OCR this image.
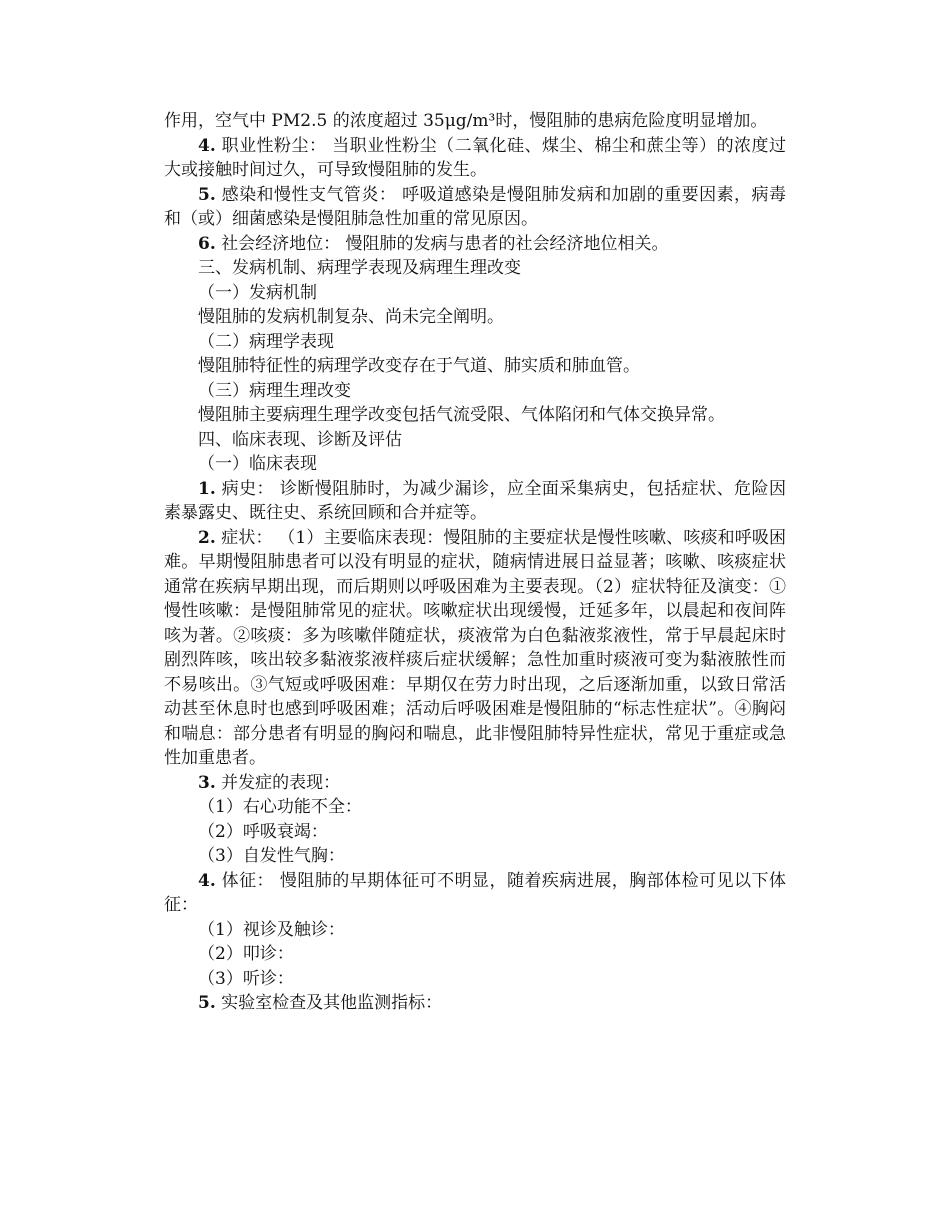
作用，空气中 PM2.5 的浓度超过 35μg/m³时，慢阻肺的患病危险度明显增加。

4. 职业性粉尘： 当职业性粉尘（二氧化硅、煤尘、棉尘和蔗尘等）的浓度过大或接触时间过久，可导致慢阻肺的发生。

5. 感染和慢性支气管炎： 呼吸道感染是慢阻肺发病和加剧的重要因素，病毒和（或）细菌感染是慢阻肺急性加重的常见原因。

6. 社会经济地位： 慢阻肺的发病与患者的社会经济地位相关。

三、发病机制、病理学表现及病理生理改变

（一）发病机制

慢阻肺的发病机制复杂、尚未完全阐明。

（二）病理学表现

慢阻肺特征性的病理学改变存在于气道、肺实质和肺血管。

（三）病理生理改变

慢阻肺主要病理生理学改变包括气流受限、气体陷闭和气体交换异常。

四、临床表现、诊断及评估

（一）临床表现

1. 病史： 诊断慢阻肺时，为减少漏诊，应全面采集病史，包括症状、危险因素暴露史、既往史、系统回顾和合并症等。

2. 症状： （1）主要临床表现：慢阻肺的主要症状是慢性咳嗽、咳痰和呼吸困难。早期慢阻肺患者可以没有明显的症状，随病情进展日益显著；咳嗽、咳痰症状通常在疾病早期出现，而后期则以呼吸困难为主要表现。（2）症状特征及演变：①慢性咳嗽：是慢阻肺常见的症状。咳嗽症状出现缓慢，迁延多年，以晨起和夜间阵咳为著。②咳痰：多为咳嗽伴随症状，痰液常为白色黏液浆液性，常于早晨起床时剧烈阵咳，咳出较多黏液浆液样痰后症状缓解；急性加重时痰液可变为黏液脓性而不易咳出。③气短或呼吸困难：早期仅在劳力时出现，之后逐渐加重，以致日常活动甚至休息时也感到呼吸困难；活动后呼吸困难是慢阻肺的“标志性症状”。④胸闷和喘息：部分患者有明显的胸闷和喘息，此非慢阻肺特异性症状，常见于重症或急性加重患者。

3. 并发症的表现：

（1）右心功能不全：

（2）呼吸衰竭：

（3）自发性气胸：

4. 体征： 慢阻肺的早期体征可不明显，随着疾病进展，胸部体检可见以下体征：

（1）视诊及触诊：

（2）叩诊：

（3）听诊：

5. 实验室检查及其他监测指标：
